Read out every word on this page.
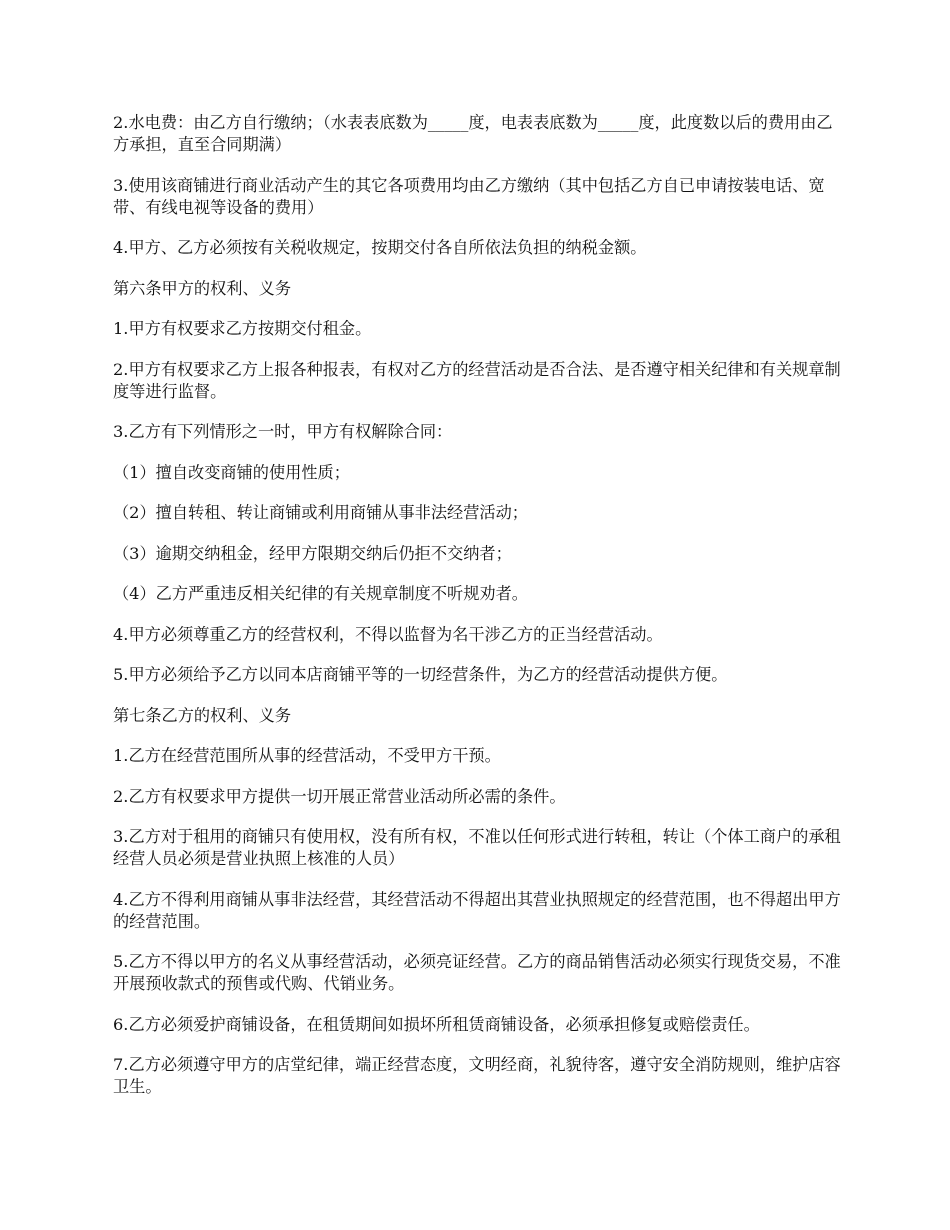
2.水电费：由乙方自行缴纳；（水表表底数为_____度，电表表底数为_____度，此度数以后的费用由乙方承担，直至合同期满）

3.使用该商铺进行商业活动产生的其它各项费用均由乙方缴纳（其中包括乙方自已申请按装电话、宽带、有线电视等设备的费用）

4.甲方、乙方必须按有关税收规定，按期交付各自所依法负担的纳税金额。

第六条甲方的权利、义务

1.甲方有权要求乙方按期交付租金。

2.甲方有权要求乙方上报各种报表，有权对乙方的经营活动是否合法、是否遵守相关纪律和有关规章制度等进行监督。

3.乙方有下列情形之一时，甲方有权解除合同：

（1）擅自改变商铺的使用性质；

（2）擅自转租、转让商铺或利用商铺从事非法经营活动；

（3）逾期交纳租金，经甲方限期交纳后仍拒不交纳者；

（4）乙方严重违反相关纪律的有关规章制度不听规劝者。

4.甲方必须尊重乙方的经营权利，不得以监督为名干涉乙方的正当经营活动。

5.甲方必须给予乙方以同本店商铺平等的一切经营条件，为乙方的经营活动提供方便。

第七条乙方的权利、义务

1.乙方在经营范围所从事的经营活动，不受甲方干预。

2.乙方有权要求甲方提供一切开展正常营业活动所必需的条件。

3.乙方对于租用的商铺只有使用权，没有所有权，不准以任何形式进行转租，转让（个体工商户的承租经营人员必须是营业执照上核准的人员）

4.乙方不得利用商铺从事非法经营，其经营活动不得超出其营业执照规定的经营范围，也不得超出甲方的经营范围。

5.乙方不得以甲方的名义从事经营活动，必须亮证经营。乙方的商品销售活动必须实行现货交易，不准开展预收款式的预售或代购、代销业务。

6.乙方必须爱护商铺设备，在租赁期间如损坏所租赁商铺设备，必须承担修复或赔偿责任。

7.乙方必须遵守甲方的店堂纪律，端正经营态度，文明经商，礼貌待客，遵守安全消防规则，维护店容卫生。
